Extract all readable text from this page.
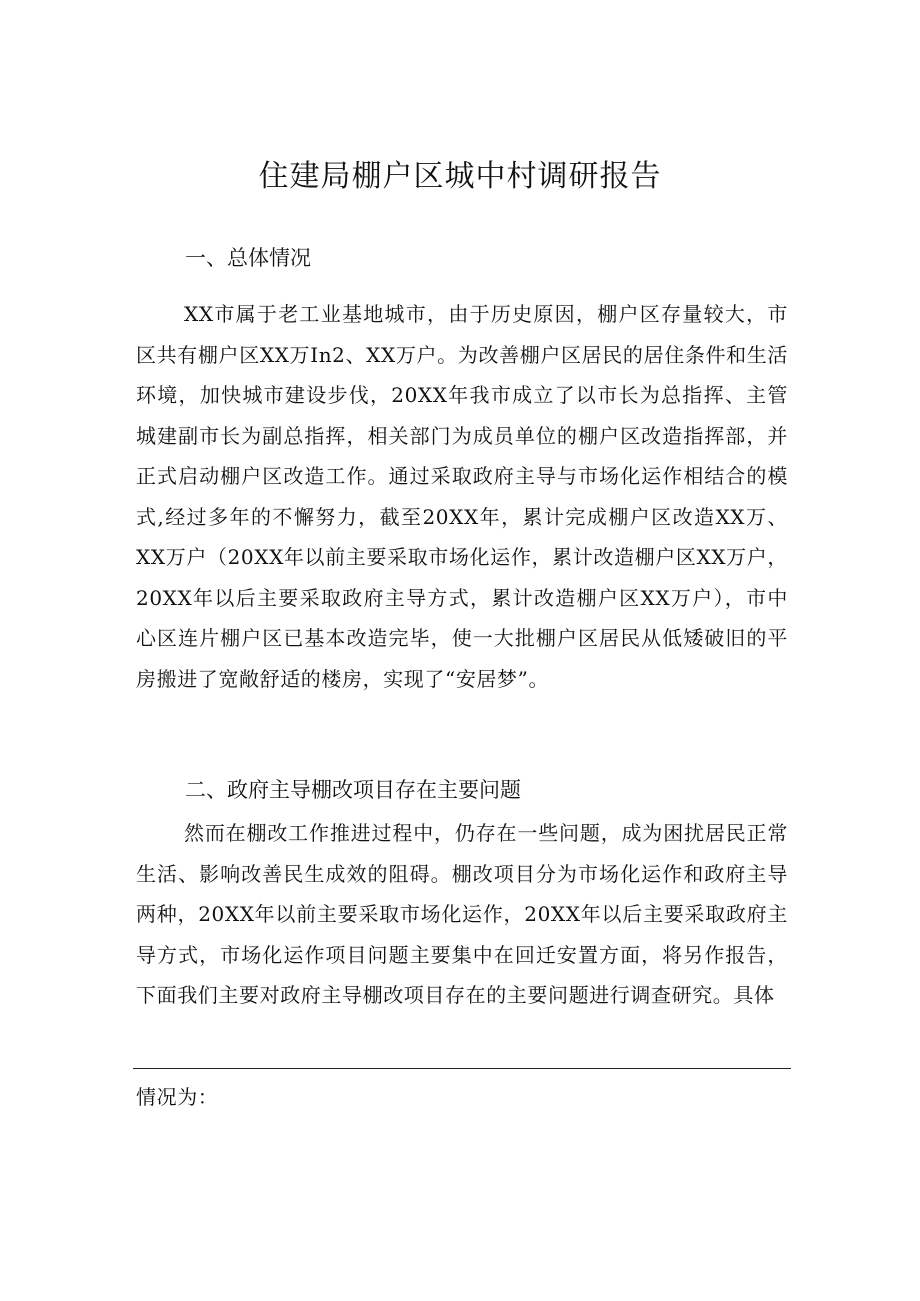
住建局棚户区城中村调研报告
一、总体情况

XX市属于老工业基地城市，由于历史原因，棚户区存量较大，市区共有棚户区XX万In2、XX万户。为改善棚户区居民的居住条件和生活环境，加快城市建设步伐，20XX年我市成立了以市长为总指挥、主管城建副市长为副总指挥，相关部门为成员单位的棚户区改造指挥部，并正式启动棚户区改造工作。通过采取政府主导与市场化运作相结合的模式,经过多年的不懈努力，截至20XX年，累计完成棚户区改造XX万、XX万户（20XX年以前主要采取市场化运作，累计改造棚户区XX万户，20XX年以后主要采取政府主导方式，累计改造棚户区XX万户），市中心区连片棚户区已基本改造完毕，使一大批棚户区居民从低矮破旧的平房搬进了宽敞舒适的楼房，实现了“安居梦”。

二、政府主导棚改项目存在主要问题

然而在棚改工作推进过程中，仍存在一些问题，成为困扰居民正常生活、影响改善民生成效的阻碍。棚改项目分为市场化运作和政府主导两种，20XX年以前主要采取市场化运作，20XX年以后主要采取政府主导方式，市场化运作项目问题主要集中在回迁安置方面，将另作报告，下面我们主要对政府主导棚改项目存在的主要问题进行调查研究。具体

情况为：
